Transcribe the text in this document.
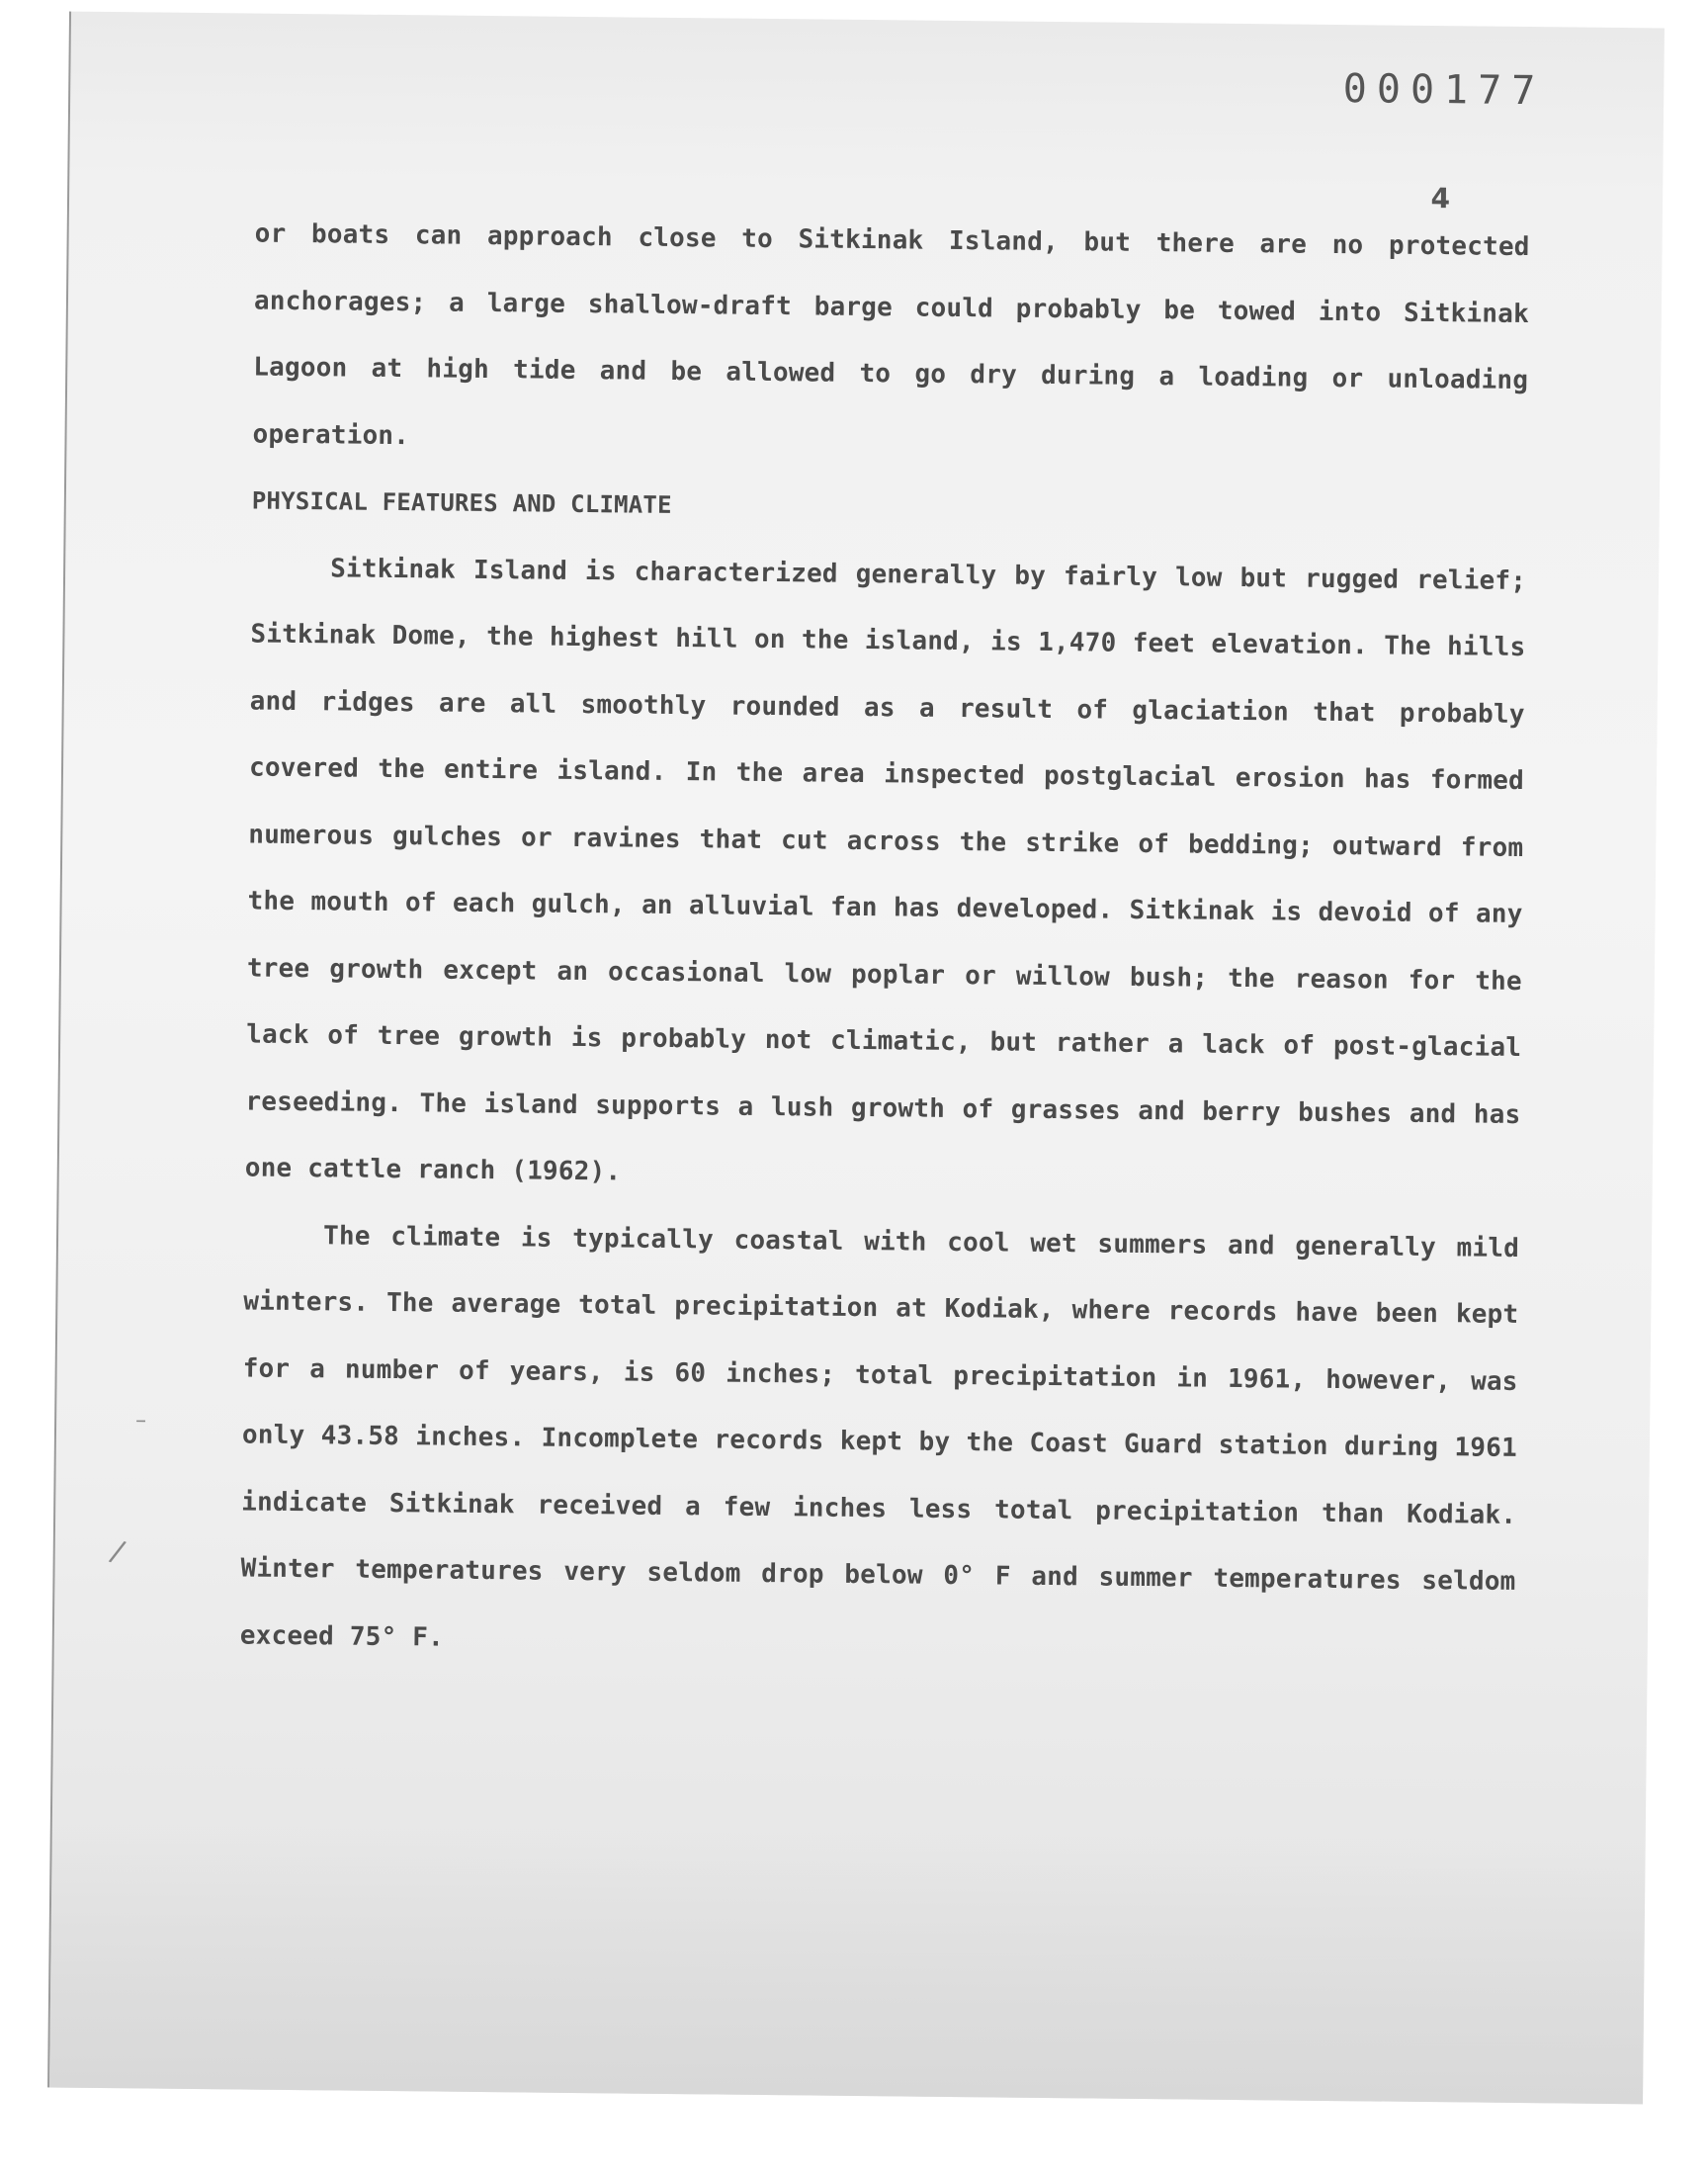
000177
4

or boats can approach close to Sitkinak Island, but there are no protected anchorages; a large shallow-draft barge could probably be towed into Sitkinak Lagoon at high tide and be allowed to go dry during a loading or unloading operation.

PHYSICAL FEATURES AND CLIMATE

Sitkinak Island is characterized generally by fairly low but rugged relief; Sitkinak Dome, the highest hill on the island, is 1,470 feet elevation. The hills and ridges are all smoothly rounded as a result of glaciation that probably covered the entire island. In the area inspected postglacial erosion has formed numerous gulches or ravines that cut across the strike of bedding; outward from the mouth of each gulch, an alluvial fan has developed. Sitkinak is devoid of any tree growth except an occasional low poplar or willow bush; the reason for the lack of tree growth is probably not climatic, but rather a lack of post-glacial reseeding. The island supports a lush growth of grasses and berry bushes and has one cattle ranch (1962).

The climate is typically coastal with cool wet summers and generally mild winters. The average total precipitation at Kodiak, where records have been kept for a number of years, is 60 inches; total precipitation in 1961, however, was only 43.58 inches. Incomplete records kept by the Coast Guard station during 1961 indicate Sitkinak received a few inches less total precipitation than Kodiak. Winter temperatures very seldom drop below 0° F and summer temperatures seldom exceed 75° F.

–
/
